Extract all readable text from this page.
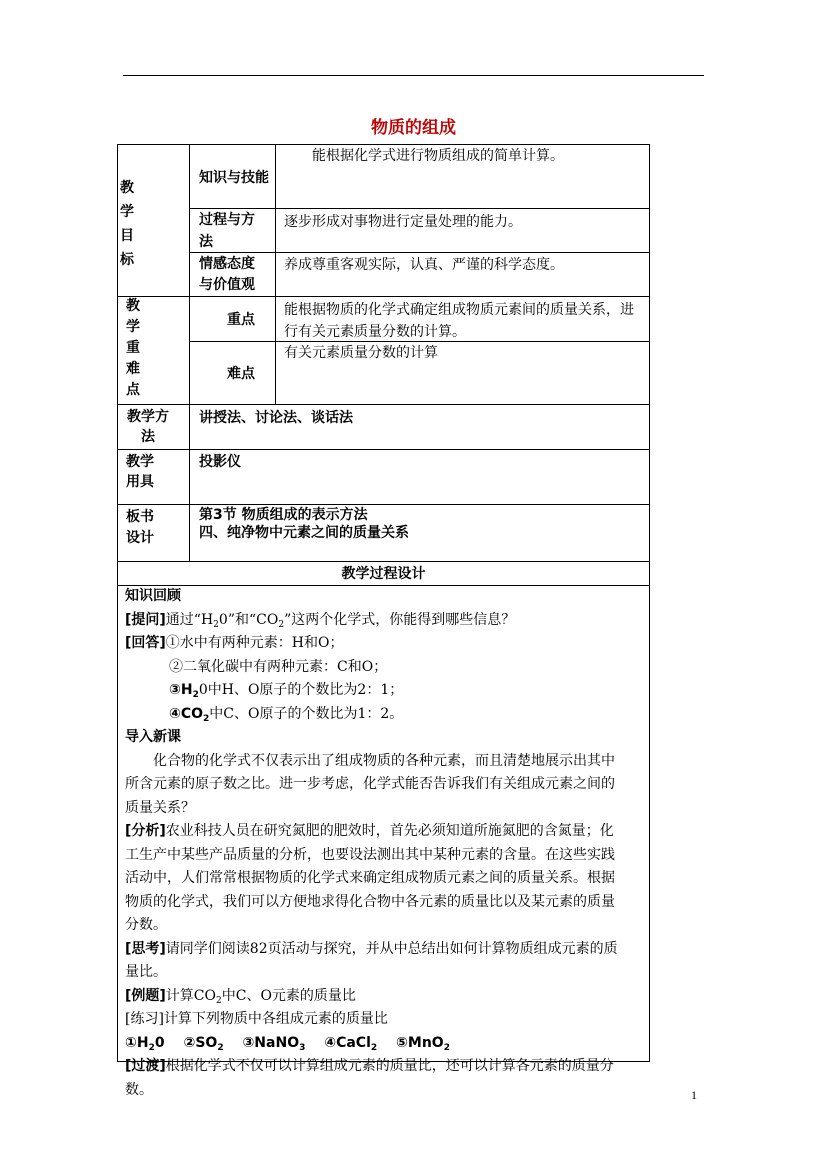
物质的组成
教学目标
知识与技能
能根据化学式进行物质组成的简单计算。
过程与方法
逐步形成对事物进行定量处理的能力。
情感态度与价值观
养成尊重客观实际，认真、严谨的科学态度。
教学重难点
重点
能根据物质的化学式确定组成物质元素间的质量关系，进行有关元素质量分数的计算。
难点
有关元素质量分数的计算
教学方法
讲授法、讨论法、谈话法
教学用具
投影仪
板书设计
第3节 物质组成的表示方法
四、纯净物中元素之间的质量关系
教学过程设计

知识回顾

[提问]通过“$H_20$”和“$CO_2$”这两个化学式，你能得到哪些信息？

[回答]①水中有两种元素：H和O；

②二氧化碳中有两种元素：C和O；

$③H_20$中H、O原子的个数比为2：1；

$④CO_2$中C、O原子的个数比为1：2。

导入新课

化合物的化学式不仅表示出了组成物质的各种元素，而且清楚地展示出其中

所含元素的原子数之比。进一步考虑，化学式能否告诉我们有关组成元素之间的

质量关系？

[分析]农业科技人员在研究氮肥的肥效时，首先必须知道所施氮肥的含氮量；化

工生产中某些产品质量的分析，也要设法测出其中某种元素的含量。在这些实践

活动中，人们常常根据物质的化学式来确定组成物质元素之间的质量关系。根据

物质的化学式，我们可以方便地求得化合物中各元素的质量比以及某元素的质量

分数。

[思考]请同学们阅读82页活动与探究，并从中总结出如何计算物质组成元素的质

量比。

[例题]计算$CO_2$中C、O元素的质量比

[练习]计算下列物质中各组成元素的质量比

$①H_20$ $②SO_2$ ③NaNO$_3$ ④CaCl$_2$ ⑤MnO$_2$

[过渡]根据化学式不仅可以计算组成元素的质量比，还可以计算各元素的质量分

数。	1
